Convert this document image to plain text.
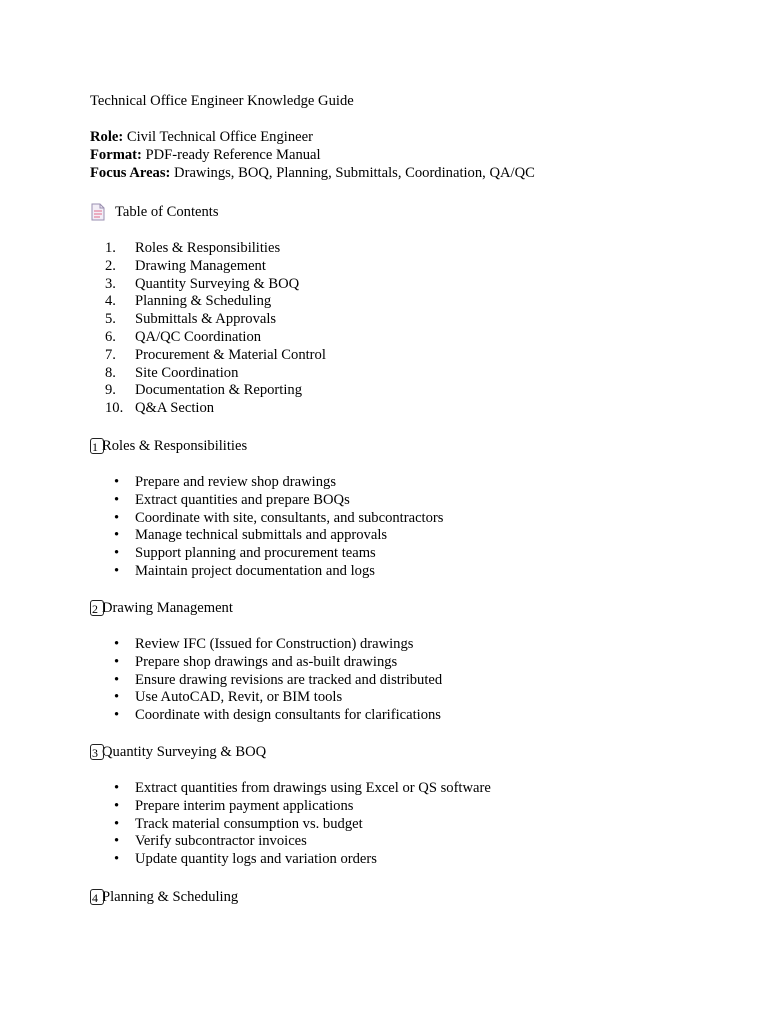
Technical Office Engineer Knowledge Guide
Role: Civil Technical Office Engineer
Format: PDF-ready Reference Manual
Focus Areas: Drawings, BOQ, Planning, Submittals, Coordination, QA/QC
Table of Contents
1.	Roles & Responsibilities
2.	Drawing Management
3.	Quantity Surveying & BOQ
4.	Planning & Scheduling
5.	Submittals & Approvals
6.	QA/QC Coordination
7.	Procurement & Material Control
8.	Site Coordination
9.	Documentation & Reporting
10. Q&A Section
1 Roles & Responsibilities
•	Prepare and review shop drawings
•	Extract quantities and prepare BOQs
•	Coordinate with site, consultants, and subcontractors
•	Manage technical submittals and approvals
•	Support planning and procurement teams
•	Maintain project documentation and logs
2 Drawing Management
•	Review IFC (Issued for Construction) drawings
•	Prepare shop drawings and as-built drawings
•	Ensure drawing revisions are tracked and distributed
•	Use AutoCAD, Revit, or BIM tools
•	Coordinate with design consultants for clarifications
3 Quantity Surveying & BOQ
•	Extract quantities from drawings using Excel or QS software
•	Prepare interim payment applications
•	Track material consumption vs. budget
•	Verify subcontractor invoices
•	Update quantity logs and variation orders
4 Planning & Scheduling
